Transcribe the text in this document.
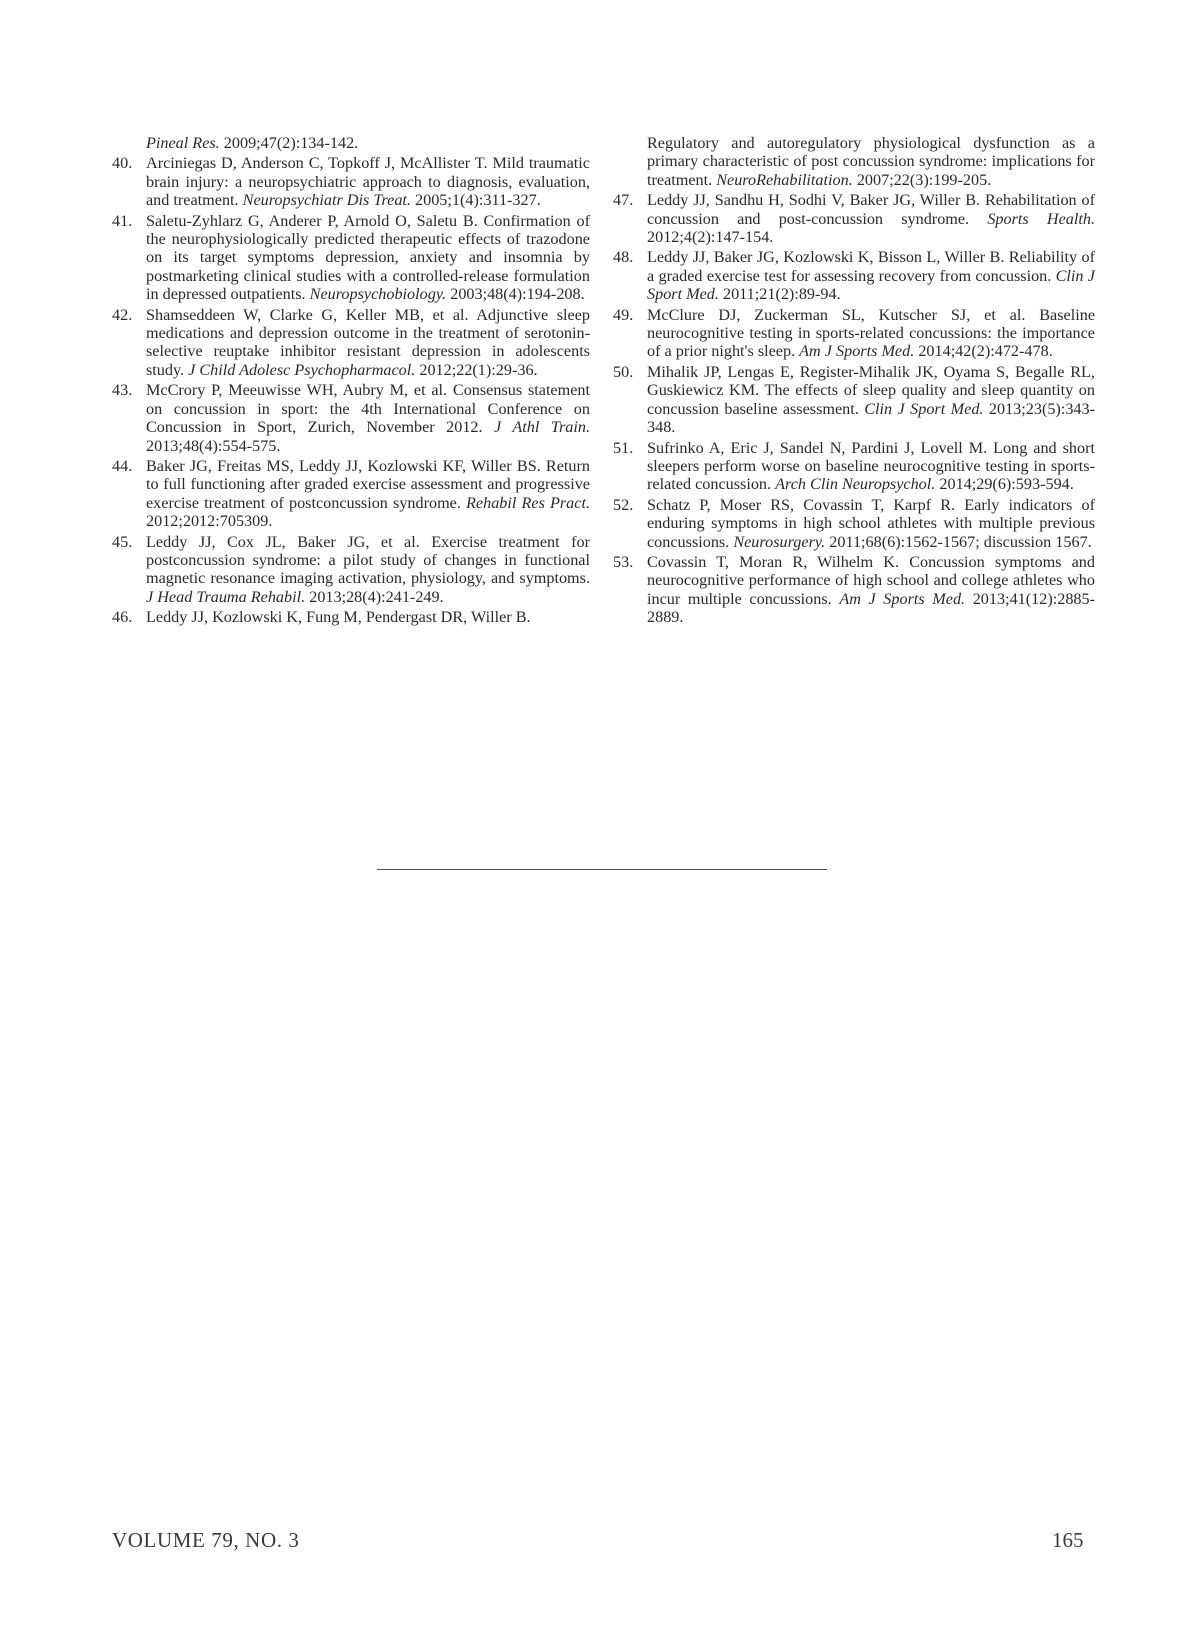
Pineal Res. 2009;47(2):134-142.
40. Arciniegas D, Anderson C, Topkoff J, McAllister T. Mild traumatic brain injury: a neuropsychiatric approach to diagnosis, evaluation, and treatment. Neuropsychiatr Dis Treat. 2005;1(4):311-327.
41. Saletu-Zyhlarz G, Anderer P, Arnold O, Saletu B. Confirmation of the neurophysiologically predicted therapeutic effects of trazodone on its target symptoms depression, anxiety and insomnia by postmarketing clinical studies with a controlled-release formulation in depressed outpatients. Neuropsychobiology. 2003;48(4):194-208.
42. Shamseddeen W, Clarke G, Keller MB, et al. Adjunctive sleep medications and depression outcome in the treatment of serotonin-selective reuptake inhibitor resistant depression in adolescents study. J Child Adolesc Psychopharmacol. 2012;22(1):29-36.
43. McCrory P, Meeuwisse WH, Aubry M, et al. Consensus statement on concussion in sport: the 4th International Conference on Concussion in Sport, Zurich, November 2012. J Athl Train. 2013;48(4):554-575.
44. Baker JG, Freitas MS, Leddy JJ, Kozlowski KF, Willer BS. Return to full functioning after graded exercise assessment and progressive exercise treatment of postconcussion syndrome. Rehabil Res Pract. 2012;2012:705309.
45. Leddy JJ, Cox JL, Baker JG, et al. Exercise treatment for postconcussion syndrome: a pilot study of changes in functional magnetic resonance imaging activation, physiology, and symptoms. J Head Trauma Rehabil. 2013;28(4):241-249.
46. Leddy JJ, Kozlowski K, Fung M, Pendergast DR, Willer B.
Regulatory and autoregulatory physiological dysfunction as a primary characteristic of post concussion syndrome: implications for treatment. NeuroRehabilitation. 2007;22(3):199-205.
47. Leddy JJ, Sandhu H, Sodhi V, Baker JG, Willer B. Rehabilitation of concussion and post-concussion syndrome. Sports Health. 2012;4(2):147-154.
48. Leddy JJ, Baker JG, Kozlowski K, Bisson L, Willer B. Reliability of a graded exercise test for assessing recovery from concussion. Clin J Sport Med. 2011;21(2):89-94.
49. McClure DJ, Zuckerman SL, Kutscher SJ, et al. Baseline neurocognitive testing in sports-related concussions: the importance of a prior night's sleep. Am J Sports Med. 2014;42(2):472-478.
50. Mihalik JP, Lengas E, Register-Mihalik JK, Oyama S, Begalle RL, Guskiewicz KM. The effects of sleep quality and sleep quantity on concussion baseline assessment. Clin J Sport Med. 2013;23(5):343-348.
51. Sufrinko A, Eric J, Sandel N, Pardini J, Lovell M. Long and short sleepers perform worse on baseline neurocognitive testing in sports-related concussion. Arch Clin Neuropsychol. 2014;29(6):593-594.
52. Schatz P, Moser RS, Covassin T, Karpf R. Early indicators of enduring symptoms in high school athletes with multiple previous concussions. Neurosurgery. 2011;68(6):1562-1567; discussion 1567.
53. Covassin T, Moran R, Wilhelm K. Concussion symptoms and neurocognitive performance of high school and college athletes who incur multiple concussions. Am J Sports Med. 2013;41(12):2885-2889.
VOLUME 79, NO. 3	165
